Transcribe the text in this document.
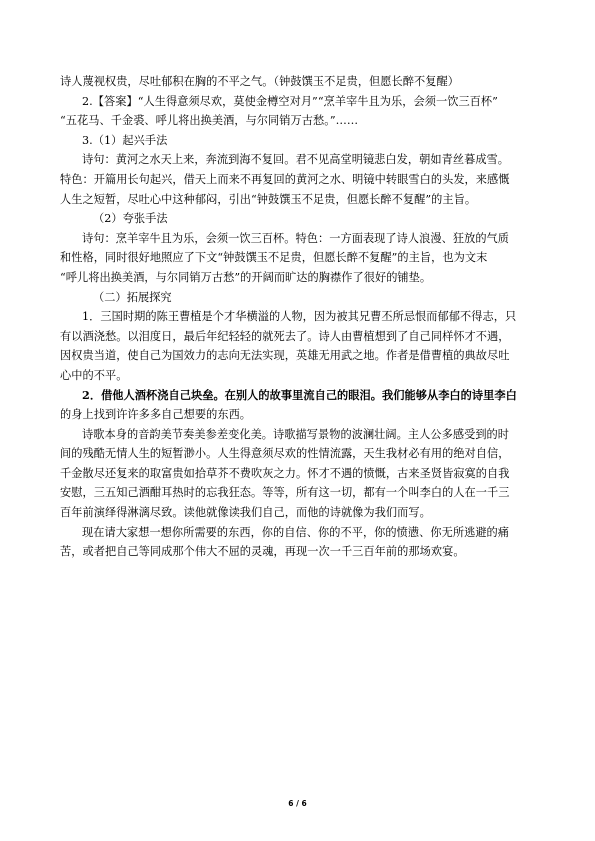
诗人蔑视权贵，尽吐郁积在胸的不平之气。（钟鼓馔玉不足贵，但愿长醉不复醒）
2.【答案】“人生得意须尽欢，莫使金樽空对月”“烹羊宰牛且为乐，会须一饮三百杯”
“五花马、千金裘、呼儿将出换美酒，与尔同销万古愁。”……
3.（1）起兴手法
诗句：黄河之水天上来，奔流到海不复回。君不见高堂明镜悲白发，朝如青丝暮成雪。
特色：开篇用长句起兴，借天上而来不再复回的黄河之水、明镜中转眼雪白的头发，来感慨
人生之短暂，尽吐心中这种郁闷，引出“钟鼓馔玉不足贵，但愿长醉不复醒”的主旨。
（2）夸张手法
诗句：烹羊宰牛且为乐，会须一饮三百杯。特色：一方面表现了诗人浪漫、狂放的气质
和性格，同时很好地照应了下文“钟鼓馔玉不足贵，但愿长醉不复醒”的主旨，也为文末
“呼儿将出换美酒，与尔同销万古愁”的开阔而旷达的胸襟作了很好的铺垫。
（二）拓展探究
1．三国时期的陈王曹植是个才华横溢的人物，因为被其兄曹丕所忌恨而郁郁不得志，只
有以酒浇愁。以泪度日，最后年纪轻轻的就死去了。诗人由曹植想到了自己同样怀才不遇，
因权贵当道，使自己为国效力的志向无法实现，英雄无用武之地。作者是借曹植的典故尽吐
心中的不平。
2．借他人酒杯浇自己块垒。在别人的故事里流自己的眼泪。我们能够从李白的诗里李白
的身上找到许许多多自己想要的东西。
诗歌本身的音韵美节奏美参差变化美。诗歌描写景物的波澜壮阔。主人公多感受到的时
间的残酷无情人生的短暂渺小。人生得意须尽欢的性情流露，天生我材必有用的绝对自信，
千金散尽还复来的取富贵如拾草芥不费吹灰之力。怀才不遇的愤慨，古来圣贤皆寂寞的自我
安慰，三五知己酒酣耳热时的忘我狂态。等等，所有这一切，都有一个叫李白的人在一千三
百年前演绎得淋漓尽致。读他就像读我们自己，而他的诗就像为我们而写。
现在请大家想一想你所需要的东西，你的自信、你的不平，你的愤懑、你无所逃避的痛
苦，或者把自己等同成那个伟大不屈的灵魂，再现一次一千三百年前的那场欢宴。
6 / 6
